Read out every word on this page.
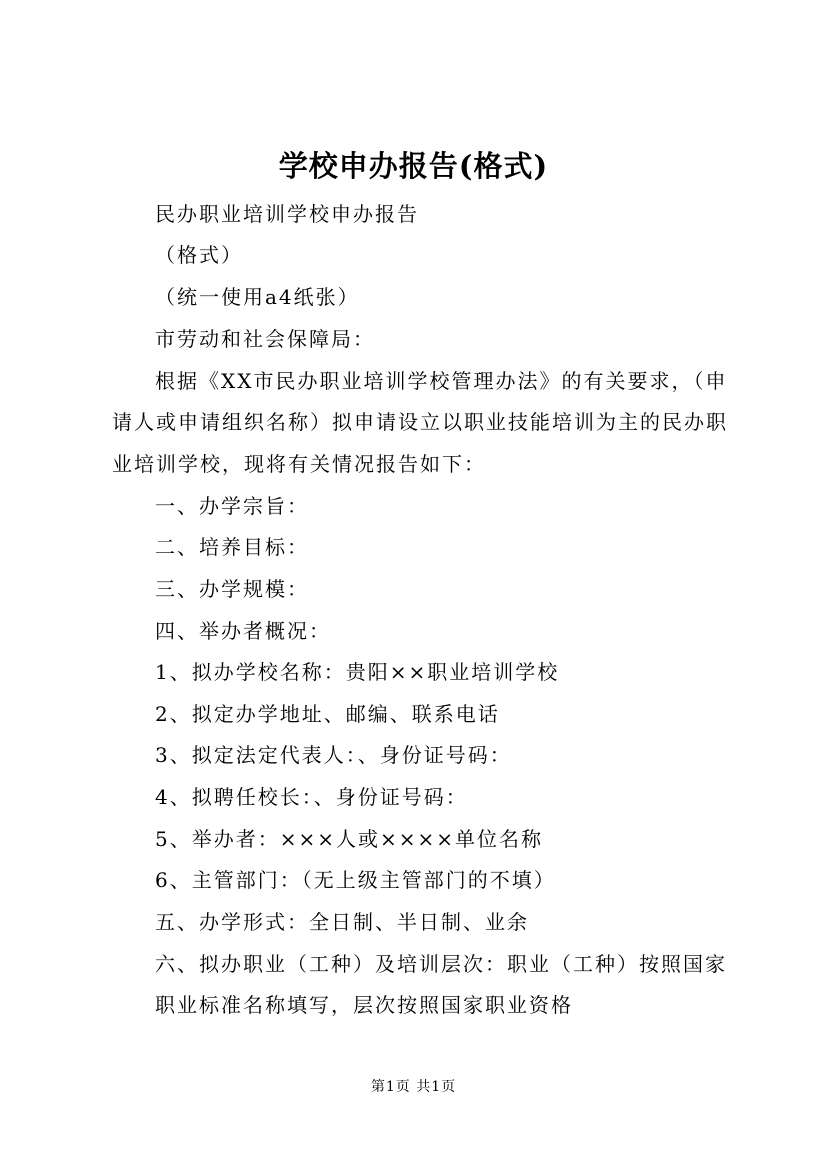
学校申办报告(格式)
民办职业培训学校申办报告
（格式）
（统一使用a4纸张）
市劳动和社会保障局：
根据《XX市民办职业培训学校管理办法》的有关要求，（申
请人或申请组织名称）拟申请设立以职业技能培训为主的民办职
业培训学校，现将有关情况报告如下：
一、办学宗旨：
二、培养目标：
三、办学规模：
四、举办者概况：
1、拟办学校名称：贵阳××职业培训学校
2、拟定办学地址、邮编、联系电话
3、拟定法定代表人：、身份证号码：
4、拟聘任校长：、身份证号码：
5、举办者：×××人或××××单位名称
6、主管部门：（无上级主管部门的不填）
五、办学形式：全日制、半日制、业余
六、拟办职业（工种）及培训层次：职业（工种）按照国家
职业标准名称填写，层次按照国家职业资格
第1页 共1页
